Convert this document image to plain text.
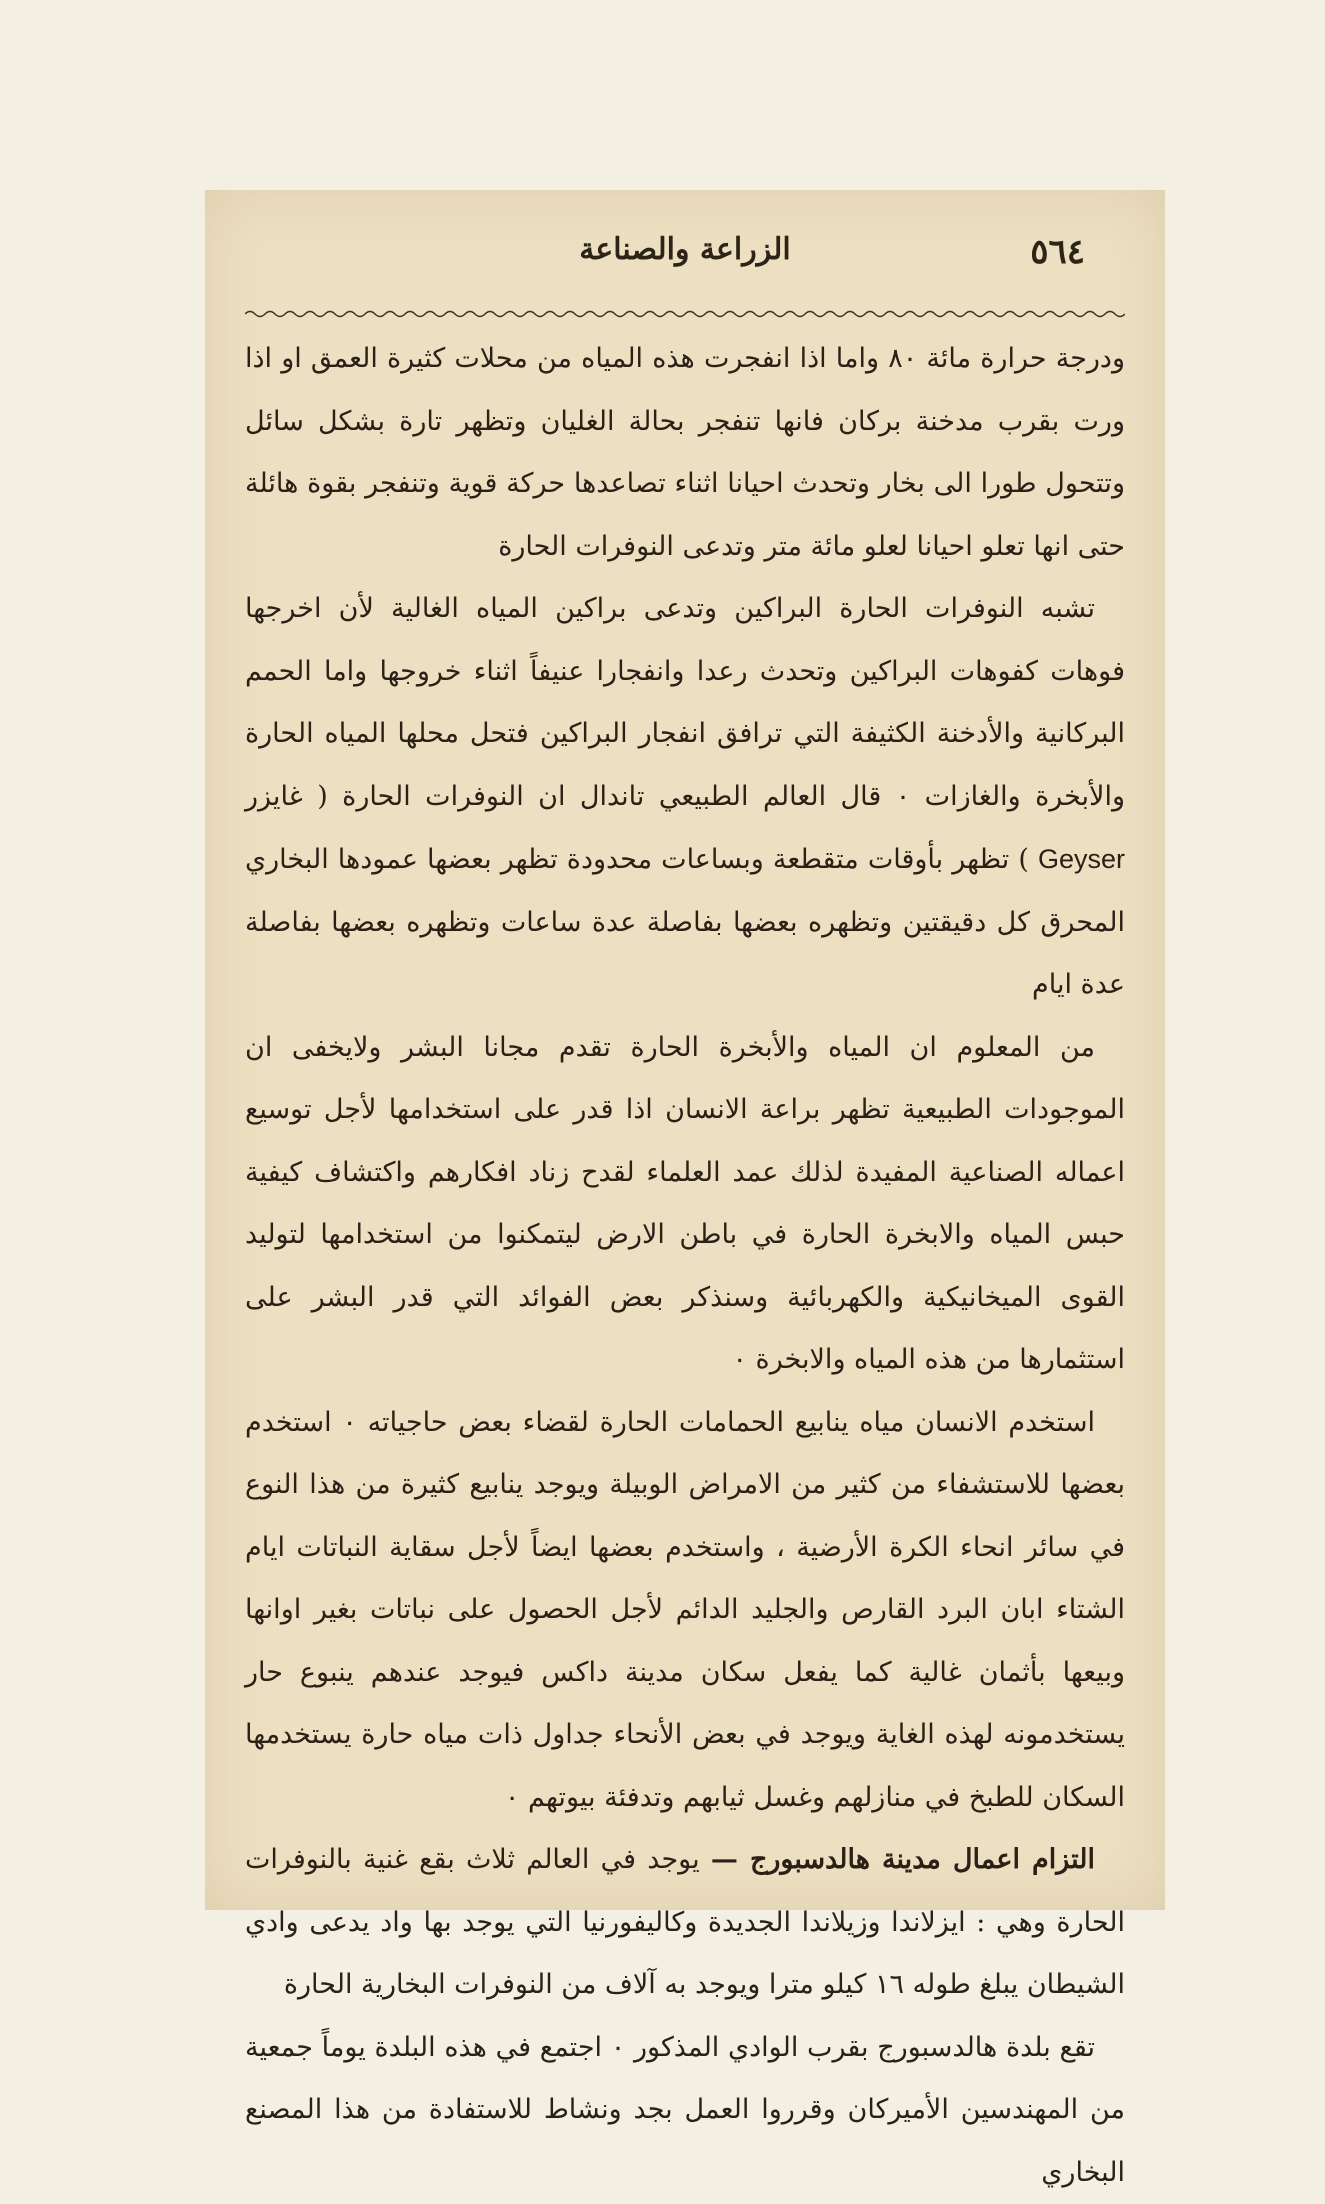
٥٦٤
الزراعة والصناعة

ودرجة حرارة مائة ٨٠ واما اذا انفجرت هذه المياه من محلات كثيرة العمق او اذا ورت بقرب مدخنة بركان فانها تنفجر بحالة الغليان وتظهر تارة بشكل سائل وتتحول طورا الى بخار وتحدث احيانا اثناء تصاعدها حركة قوية وتنفجر بقوة هائلة حتى انها تعلو احيانا لعلو مائة متر وتدعى النوفرات الحارة

تشبه النوفرات الحارة البراكين وتدعى براكين المياه الغالية لأن اخرجها فوهات كفوهات البراكين وتحدث رعدا وانفجارا عنيفاً اثناء خروجها واما الحمم البركانية والأدخنة الكثيفة التي ترافق انفجار البراكين فتحل محلها المياه الحارة والأبخرة والغازات ٠ قال العالم الطبيعي تاندال ان النوفرات الحارة ( غايزر Geyser ) تظهر بأوقات متقطعة وبساعات محدودة تظهر بعضها عمودها البخاري المحرق كل دقيقتين وتظهره بعضها بفاصلة عدة ساعات وتظهره بعضها بفاصلة عدة ايام

من المعلوم ان المياه والأبخرة الحارة تقدم مجانا البشر ولايخفى ان الموجودات الطبيعية تظهر براعة الانسان اذا قدر على استخدامها لأجل توسيع اعماله الصناعية المفيدة لذلك عمد العلماء لقدح زناد افكارهم واكتشاف كيفية حبس المياه والابخرة الحارة في باطن الارض ليتمكنوا من استخدامها لتوليد القوى الميخانيكية والكهربائية وسنذكر بعض الفوائد التي قدر البشر على استثمارها من هذه المياه والابخرة ٠

استخدم الانسان مياه ينابيع الحمامات الحارة لقضاء بعض حاجياته ٠ استخدم بعضها للاستشفاء من كثير من الامراض الوبيلة ويوجد ينابيع كثيرة من هذا النوع في سائر انحاء الكرة الأرضية ، واستخدم بعضها ايضاً لأجل سقاية النباتات ايام الشتاء ابان البرد القارص والجليد الدائم لأجل الحصول على نباتات بغير اوانها وبيعها بأثمان غالية كما يفعل سكان مدينة داكس فيوجد عندهم ينبوع حار يستخدمونه لهذه الغاية ويوجد في بعض الأنحاء جداول ذات مياه حارة يستخدمها السكان للطبخ في منازلهم وغسل ثيابهم وتدفئة بيوتهم ٠

التزام اعمال مدينة هالدسبورج — يوجد في العالم ثلاث بقع غنية بالنوفرات الحارة وهي : ايزلاندا وزيلاندا الجديدة وكاليفورنيا التي يوجد بها واد يدعى وادي الشيطان يبلغ طوله ١٦ كيلو مترا ويوجد به آلاف من النوفرات البخارية الحارة

تقع بلدة هالدسبورج بقرب الوادي المذكور ٠ اجتمع في هذه البلدة يوماً جمعية من المهندسين الأميركان وقرروا العمل بجد ونشاط للاستفادة من هذا المصنع البخاري
